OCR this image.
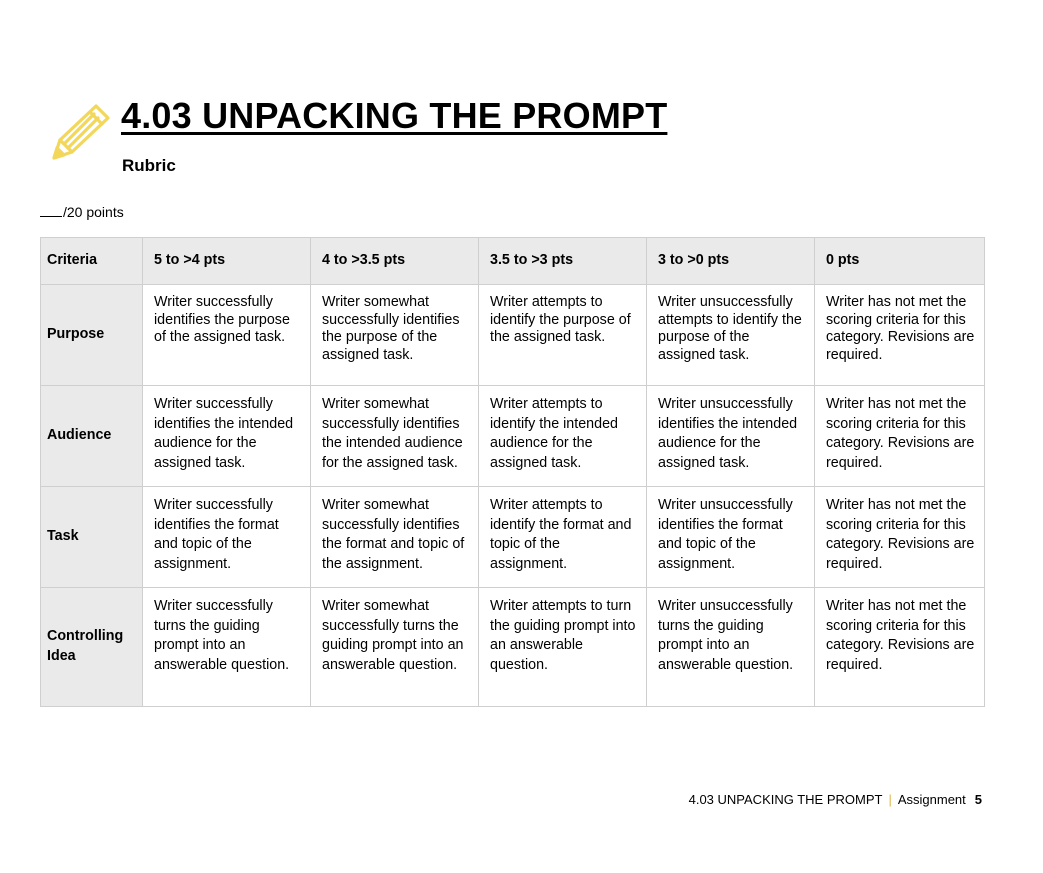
4.03 UNPACKING THE PROMPT
Rubric
/20 points
Criteria	5 to >4 pts	4 to >3.5 pts	3.5 to >3 pts	3 to >0 pts	0 pts
Purpose	Writer successfully identifies the purpose of the assigned task.	Writer somewhat successfully identifies the purpose of the assigned task.	Writer attempts to identify the purpose of the assigned task.	Writer unsuccessfully attempts to identify the purpose of the assigned task.	Writer has not met the scoring criteria for this category. Revisions are required.
Audience	Writer successfully identifies the intended audience for the assigned task.	Writer somewhat successfully identifies the intended audience for the assigned task.	Writer attempts to identify the intended audience for the assigned task.	Writer unsuccessfully identifies the intended audience for the assigned task.	Writer has not met the scoring criteria for this category. Revisions are required.
Task	Writer successfully identifies the format and topic of the assignment.	Writer somewhat successfully identifies the format and topic of the assignment.	Writer attempts to identify the format and topic of the assignment.	Writer unsuccessfully identifies the format and topic of the assignment.	Writer has not met the scoring criteria for this category. Revisions are required.
Controlling Idea	Writer successfully turns the guiding prompt into an answerable question.	Writer somewhat successfully turns the guiding prompt into an answerable question.	Writer attempts to turn the guiding prompt into an answerable question.	Writer unsuccessfully turns the guiding prompt into an answerable question.	Writer has not met the scoring criteria for this category. Revisions are required.
4.03 UNPACKING THE PROMPT | Assignment 5
